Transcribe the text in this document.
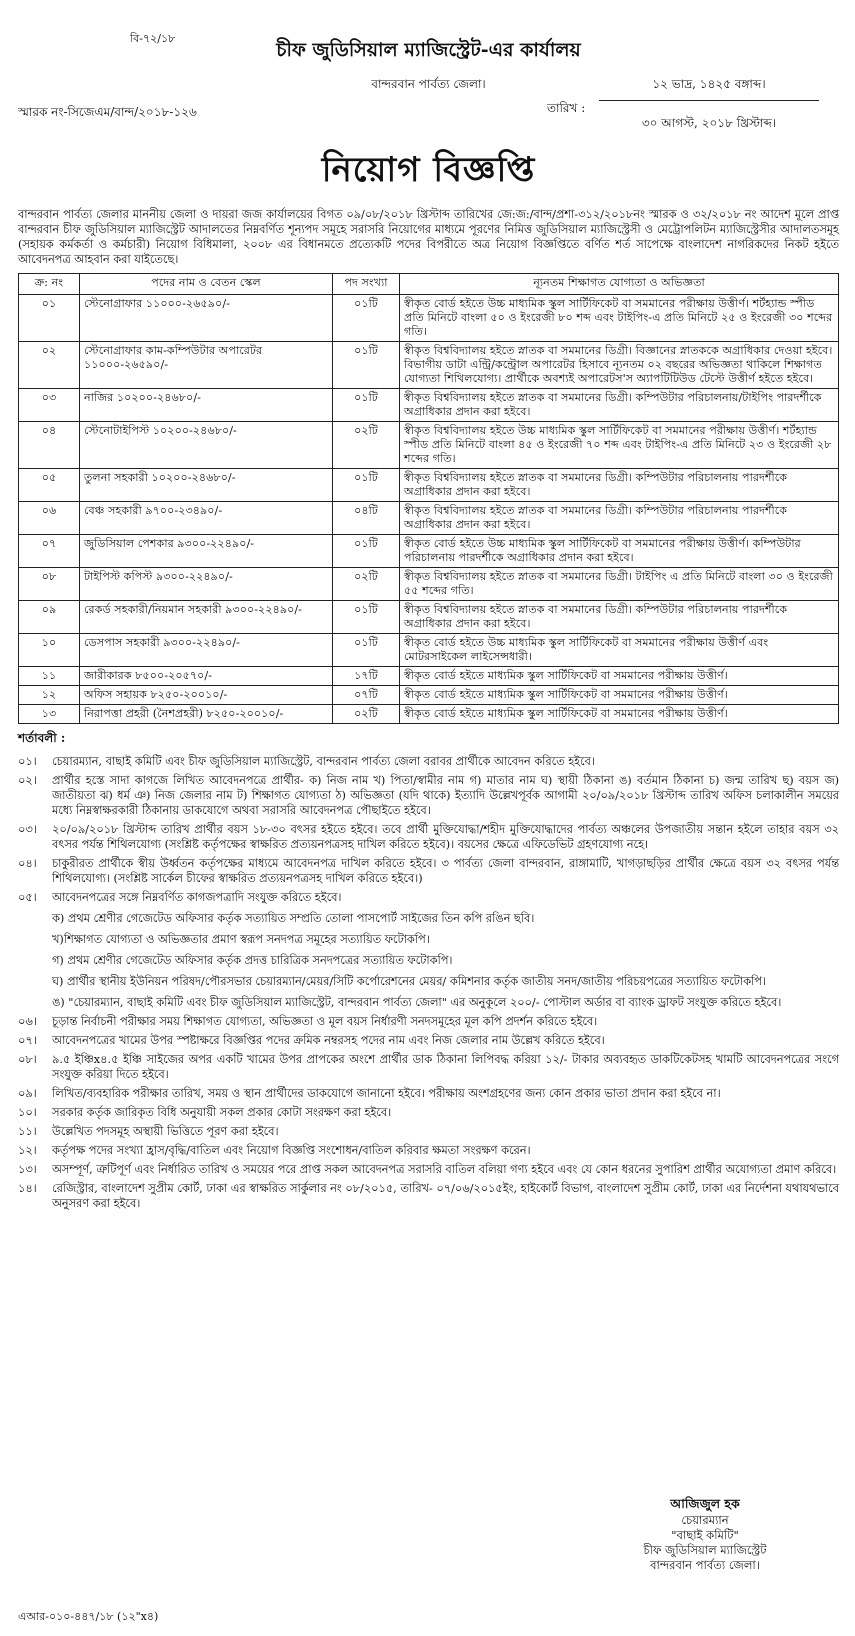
বি-৭২/১৮
চীফ জুডিসিয়াল ম্যাজিস্ট্রেট-এর কার্যালয়
বান্দরবান পার্বত্য জেলা।
স্মারক নং-সিজেএম/বান্দ/২০১৮-১২৬	তারিখ :
১২ ভাদ্র, ১৪২৫ বঙ্গাব্দ।
৩০ আগস্ট, ২০১৮ খ্রিস্টাব্দ।
নিয়োগ বিজ্ঞপ্তি
বান্দরবান পার্বত্য জেলার মাননীয় জেলা ও দায়রা জজ কার্যালয়ের বিগত ০৯/০৮/২০১৮ খ্রিস্টাব্দ তারিখের জে:জ:/বান্দ/প্রশা-৩১২/২০১৮নং স্মারক ও ৩২/২০১৮ নং আদেশ মূলে প্রাপ্ত বান্দরবান চীফ জুডিসিয়াল ম্যাজিস্ট্রেট আদালতের নিম্নবর্ণিত শূন্যপদ সমূহে সরাসরি নিয়োগের মাধ্যমে পূরণের নিমিত্ত জুডিসিয়াল ম্যাজিস্ট্রেসী ও মেট্রোপলিটন ম্যাজিস্ট্রেসীর আদালতসমূহ (সহায়ক কর্মকর্তা ও কর্মচারী) নিয়োগ বিধিমালা, ২০০৮ এর বিধানমতে প্রত্যেকটি পদের বিপরীতে অত্র নিয়োগ বিজ্ঞপ্তিতে বর্ণিত শর্ত সাপেক্ষে বাংলাদেশ নাগরিকদের নিকট হইতে আবেদনপত্র আহবান করা যাইতেছে।
ক্র: নং	পদের নাম ও বেতন স্কেল	পদ সংখ্যা	ন্যূনতম শিক্ষাগত যোগ্যতা ও অভিজ্ঞতা
০১	স্টেনোগ্রাফার ১১০০০-২৬৫৯০/-	০১টি	স্বীকৃত বোর্ড হইতে উচ্চ মাধ্যমিক স্কুল সার্টিফিকেট বা সমমানের পরীক্ষায় উত্তীর্ণ। শর্টহ্যান্ড স্পীড প্রতি মিনিটে বাংলা ৫০ ও ইংরেজী ৮০ শব্দ এবং টাইপিং-এ প্রতি মিনিটে ২৫ ও ইংরেজী ৩০ শব্দের গতি।
০২	স্টেনোগ্রাফার কাম-কম্পিউটার অপারেটর ১১০০০-২৬৫৯০/-	০১টি	স্বীকৃত বিশ্ববিদ্যালয় হইতে স্নাতক বা সমমানের ডিগ্রী। বিজ্ঞানের স্নাতককে অগ্রাধিকার দেওয়া হইবে। বিভাগীয় ডাটা এন্ট্রি/কন্ট্রোল অপারেটর হিসাবে ন্যূনতম ০২ বছরের অভিজ্ঞতা থাকিলে শিক্ষাগত যোগ্যতা শিথিলযোগ্য। প্রার্থীকে অবশ্যই অপারেটস'স অ্যাপটিটিউড টেস্টে উত্তীর্ণ হইতে হইবে।
০৩	নাজির ১০২০০-২৪৬৮০/-	০১টি	স্বীকৃত বিশ্ববিদ্যালয় হইতে স্নাতক বা সমমানের ডিগ্রী। কম্পিউটার পরিচালনায়/টাইপিং পারদর্শীকে অগ্রাধিকার প্রদান করা হইবে।
০৪	স্টেনোটাইপিস্ট ১০২০০-২৪৬৮০/-	০২টি	স্বীকৃত বিশ্ববিদ্যালয় হইতে উচ্চ মাধ্যমিক স্কুল সার্টিফিকেট বা সমমানের পরীক্ষায় উত্তীর্ণ। শর্টহ্যান্ড স্পীড প্রতি মিনিটে বাংলা ৪৫ ও ইংরেজী ৭০ শব্দ এবং টাইপিং-এ প্রতি মিনিটে ২৩ ও ইংরেজী ২৮ শব্দের গতি।
০৫	তুলনা সহকারী ১০২০০-২৪৬৮০/-	০১টি	স্বীকৃত বিশ্ববিদ্যালয় হইতে স্নাতক বা সমমানের ডিগ্রী। কম্পিউটার পরিচালনায় পারদর্শীকে অগ্রাধিকার প্রদান করা হইবে।
০৬	বেঞ্চ সহকারী ৯৭০০-২৩৪৯০/-	০৪টি	স্বীকৃত বিশ্ববিদ্যালয় হইতে স্নাতক বা সমমানের ডিগ্রী। কম্পিউটার পরিচালনায় পারদর্শীকে অগ্রাধিকার প্রদান করা হইবে।
০৭	জুডিসিয়াল পেশকার ৯৩০০-২২৪৯০/-	০১টি	স্বীকৃত বোর্ড হইতে উচ্চ মাধ্যমিক স্কুল সার্টিফিকেট বা সমমানের পরীক্ষায় উত্তীর্ণ। কম্পিউটার পরিচালনায় পারদর্শীকে অগ্রাধিকার প্রদান করা হইবে।
০৮	টাইপিস্ট কপিস্ট ৯৩০০-২২৪৯০/-	০২টি	স্বীকৃত বিশ্ববিদ্যালয় হইতে স্নাতক বা সমমানের ডিগ্রী। টাইপিং এ প্রতি মিনিটে বাংলা ৩০ ও ইংরেজী ৫৫ শব্দের গতি।
০৯	রেকর্ড সহকারী/নিয়মান সহকারী ৯৩০০-২২৪৯০/-	০১টি	স্বীকৃত বিশ্ববিদ্যালয় হইতে স্নাতক বা সমমানের ডিগ্রী। কম্পিউটার পরিচালনায় পারদর্শীকে অগ্রাধিকার প্রদান করা হইবে।
১০	ডেসপাস সহকারী ৯৩০০-২২৪৯০/-	০১টি	স্বীকৃত বোর্ড হইতে উচ্চ মাধ্যমিক স্কুল সার্টিফিকেট বা সমমানের পরীক্ষায় উত্তীর্ণ এবং মোটরসাইকেল লাইসেন্সধারী।
১১	জারীকারক ৮৫০০-২০৫৭০/-	১৭টি	স্বীকৃত বোর্ড হইতে মাধ্যমিক স্কুল সার্টিফিকেট বা সমমানের পরীক্ষায় উত্তীর্ণ।
১২	অফিস সহায়ক ৮২৫০-২০০১০/-	০৭টি	স্বীকৃত বোর্ড হইতে মাধ্যমিক স্কুল সার্টিফিকেট বা সমমানের পরীক্ষায় উত্তীর্ণ।
১৩	নিরাপত্তা প্রহরী (নৈশপ্রহরী) ৮২৫০-২০০১০/-	০২টি	স্বীকৃত বোর্ড হইতে মাধ্যমিক স্কুল সার্টিফিকেট বা সমমানের পরীক্ষায় উত্তীর্ণ।
শর্তাবলী :
০১।	চেয়ারম্যান, বাছাই কমিটি এবং চীফ জুডিসিয়াল ম্যাজিস্ট্রেট, বান্দরবান পার্বত্য জেলা বরাবর প্রার্থীকে আবেদন করিতে হইবে।
০২।	প্রার্থীর হস্তে সাদা কাগজে লিখিত আবেদনপত্রে প্রার্থীর- ক) নিজ নাম খ) পিতা/স্বামীর নাম গ) মাতার নাম ঘ) স্থায়ী ঠিকানা ঙ) বর্তমান ঠিকানা চ) জন্ম তারিখ ছ) বয়স জ) জাতীয়তা ঝ) ধর্ম ঞ) নিজ জেলার নাম ট) শিক্ষাগত যোগ্যতা ঠ) অভিজ্ঞতা (যদি থাকে) ইত্যাদি উল্লেখপূর্বক আগামী ২০/০৯/২০১৮ খ্রিস্টাব্দ তারিখ অফিস চলাকালীন সময়ের মধ্যে নিম্নস্বাক্ষরকারী ঠিকানায় ডাকযোগে অথবা সরাসরি আবেদনপত্র পৌছাইতে হইবে।
০৩।	২০/০৯/২০১৮ খ্রিস্টাব্দ তারিখ প্রার্থীর বয়স ১৮-৩০ বৎসর হইতে হইবে। তবে প্রার্থী মুক্তিযোদ্ধা/শহীদ মুক্তিযোদ্ধাদের পার্বত্য অঞ্চলের উপজাতীয় সন্তান হইলে তাহার বয়স ৩২ বৎসর পর্যন্ত শিথিলযোগ্য (সংশ্লিষ্ট কর্তৃপক্ষের স্বাক্ষরিত প্রত্যয়নপত্রসহ দাখিল করিতে হইবে)। বয়সের ক্ষেত্রে এফিডেভিট গ্রহণযোগ্য নহে।
০৪।	চাকুরীরত প্রার্থীকে স্বীয় উর্ধ্বতন কর্তৃপক্ষের মাধ্যমে আবেদনপত্র দাখিল করিতে হইবে। ৩ পার্বত্য জেলা বান্দরবান, রাঙ্গামাটি, খাগড়াছড়ির প্রার্থীর ক্ষেত্রে বয়স ৩২ বৎসর পর্যন্ত শিথিলযোগ্য। (সংশ্লিষ্ট সার্কেল চীফের স্বাক্ষরিত প্রত্যয়নপত্রসহ দাখিল করিতে হইবে।)
০৫।	আবেদনপত্রের সঙ্গে নিম্নবর্ণিত কাগজপত্রাদি সংযুক্ত করিতে হইবে।
ক) প্রথম শ্রেণীর গেজেটেড অফিসার কর্তৃক সত্যায়িত সম্প্রতি তোলা পাসপোর্ট সাইজের তিন কপি রঙিন ছবি।
খ)শিক্ষাগত যোগ্যতা ও অভিজ্ঞতার প্রমাণ স্বরূপ সনদপত্র সমূহের সত্যায়িত ফটোকপি।
গ) প্রথম শ্রেণীর গেজেটেড অফিসার কর্তৃক প্রদত্ত চারিত্রিক সনদপত্রের সত্যায়িত ফটোকপি।
ঘ) প্রার্থীর স্থানীয় ইউনিয়ন পরিষদ/পৌরসভার চেয়ারম্যান/মেয়র/সিটি কর্পোরেশনের মেয়র/ কমিশনার কর্তৃক জাতীয় সনদ/জাতীয় পরিচয়পত্রের সত্যায়িত ফটোকপি।
ঙ) "চেয়ারম্যান, বাছাই কমিটি এবং চীফ জুডিসিয়াল ম্যাজিস্ট্রেট, বান্দরবান পার্বত্য জেলা" এর অনুকূলে ২০০/- পোস্টাল অর্ডার বা ব্যাংক ড্রাফট সংযুক্ত করিতে হইবে।
০৬।	চূড়ান্ত নির্বাচনী পরীক্ষার সময় শিক্ষাগত যোগ্যতা, অভিজ্ঞতা ও মূল বয়স নির্ধারণী সনদসমূহের মূল কপি প্রদর্শন করিতে হইবে।
০৭।	আবেদনপত্রের খামের উপর স্পষ্টাক্ষরে বিজ্ঞপ্তির পদের ক্রমিক নম্বরসহ পদের নাম এবং নিজ জেলার নাম উল্লেখ করিতে হইবে।
০৮।	৯.৫ ইঞ্চিx৪.৫ ইঞ্চি সাইজের অপর একটি খামের উপর প্রাপকের অংশে প্রার্থীর ডাক ঠিকানা লিপিবদ্ধ করিয়া ১২/- টাকার অব্যবহৃত ডাকটিকেটসহ খামটি আবেদনপত্রের সংগে সংযুক্ত করিয়া দিতে হইবে।
০৯।	লিখিত/ব্যবহারিক পরীক্ষার তারিখ, সময় ও স্থান প্রার্থীদের ডাকযোগে জানানো হইবে। পরীক্ষায় অংশগ্রহণের জন্য কোন প্রকার ভাতা প্রদান করা হইবে না।
১০।	সরকার কর্তৃক জারিকৃত বিধি অনুযায়ী সকল প্রকার কোটা সংরক্ষণ করা হইবে।
১১।	উল্লেখিত পদসমূহ অস্থায়ী ভিত্তিতে পূরণ করা হইবে।
১২।	কর্তৃপক্ষ পদের সংখ্যা হ্রাস/বৃদ্ধি/বাতিল এবং নিয়োগ বিজ্ঞপ্তি সংশোধন/বাতিল করিবার ক্ষমতা সংরক্ষণ করেন।
১৩।	অসম্পূর্ণ, ত্রুটিপূর্ণ এবং নির্ধারিত তারিখ ও সময়ের পরে প্রাপ্ত সকল আবেদনপত্র সরাসরি বাতিল বলিয়া গণ্য হইবে এবং যে কোন ধরনের সুপারিশ প্রার্থীর অযোগ্যতা প্রমাণ করিবে।
১৪।	রেজিস্ট্রার, বাংলাদেশ সুপ্রীম কোর্ট, ঢাকা এর স্বাক্ষরিত সার্কুলার নং ০৮/২০১৫, তারিখ- ০৭/০৬/২০১৫ইং, হাইকোর্ট বিভাগ, বাংলাদেশ সুপ্রীম কোর্ট, ঢাকা এর নির্দেশনা যথাযথভাবে অনুসরণ করা হইবে।
আজিজুল হক
চেয়ারম্যান
"বাছাই কমিটি"
চীফ জুডিসিয়াল ম্যাজিস্ট্রেট
বান্দরবান পার্বত্য জেলা।
এআর-০১০-৪৪৭/১৮ (১২"x৪)
